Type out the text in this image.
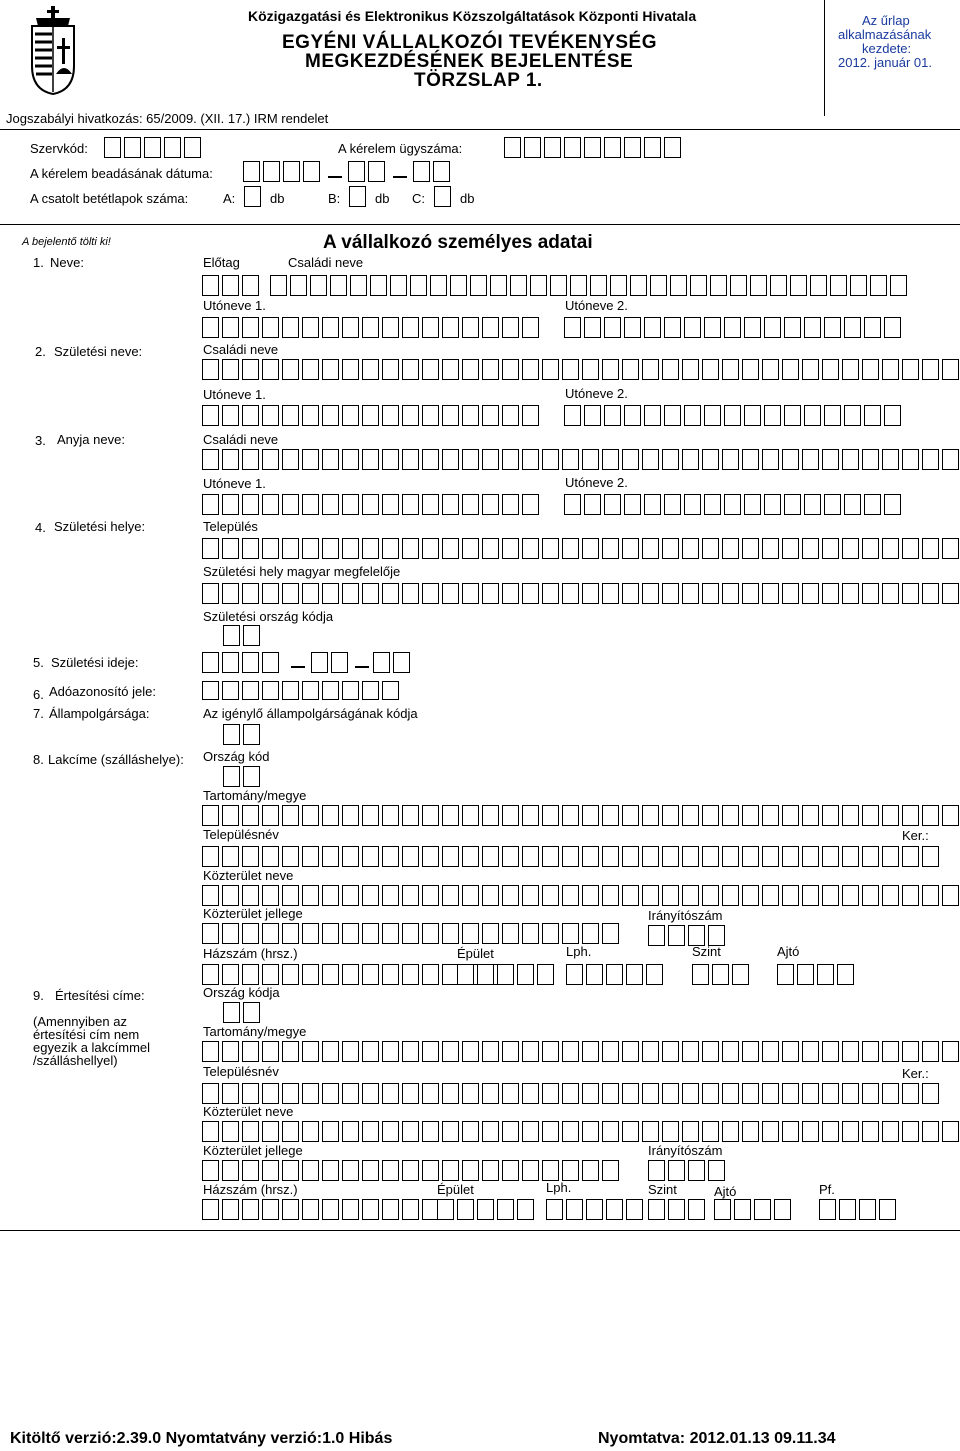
Közigazgatási és Elektronikus Közszolgáltatások Központi Hivatala
EGYÉNI VÁLLALKOZÓI TEVÉKENYSÉG
MEGKEZDÉSÉNEK BEJELENTÉSE
TÖRZSLAP 1.
Az űrlap
alkalmazásának
kezdete:
2012. január 01.
Jogszabályi hivatkozás: 65/2009. (XII. 17.) IRM rendelet
Szervkód:	A kérelem ügyszáma:
A kérelem beadásának dátuma:
A csatolt betétlapok száma:	A:	db	B:	db C:	db
A bejelentő tölti ki!	A vállalkozó személyes adatai
1. Neve:	Előtag	Családi neve
Utóneve 1.	Utóneve 2.
2. Születési neve:	Családi neve
Utóneve 1.	Utóneve 2.
3. Anyja neve:	Családi neve
Utóneve 1.	Utóneve 2.
4. Születési helye:	Település
Születési hely magyar megfelelője
Születési ország kódja
5. Születési ideje:
6. Adóazonosító jele:
7. Állampolgársága:	Az igénylő állampolgárságának kódja
8. Lakcíme (szálláshelye): Ország kód
Tartomány/megye
Településnév	Ker.:
Közterület neve
Közterület jellege	Irányítószám
Házszám (hrsz.)	Épület	Lph.	Szint	Ajtó
9. Értesítési címe:
(Amennyiben az
értesítési cím nem
egyezik a lakcímmel
/szálláshellyel)
Ország kódja
Tartomány/megye
Településnév	Ker.:
Közterület neve
Közterület jellege	Irányítószám
Házszám (hrsz.)	Épület	Lph.	Szint	Ajtó	Pf.
Kitöltő verzió:2.39.0 Nyomtatvány verzió:1.0 Hibás	Nyomtatva: 2012.01.13 09.11.34
